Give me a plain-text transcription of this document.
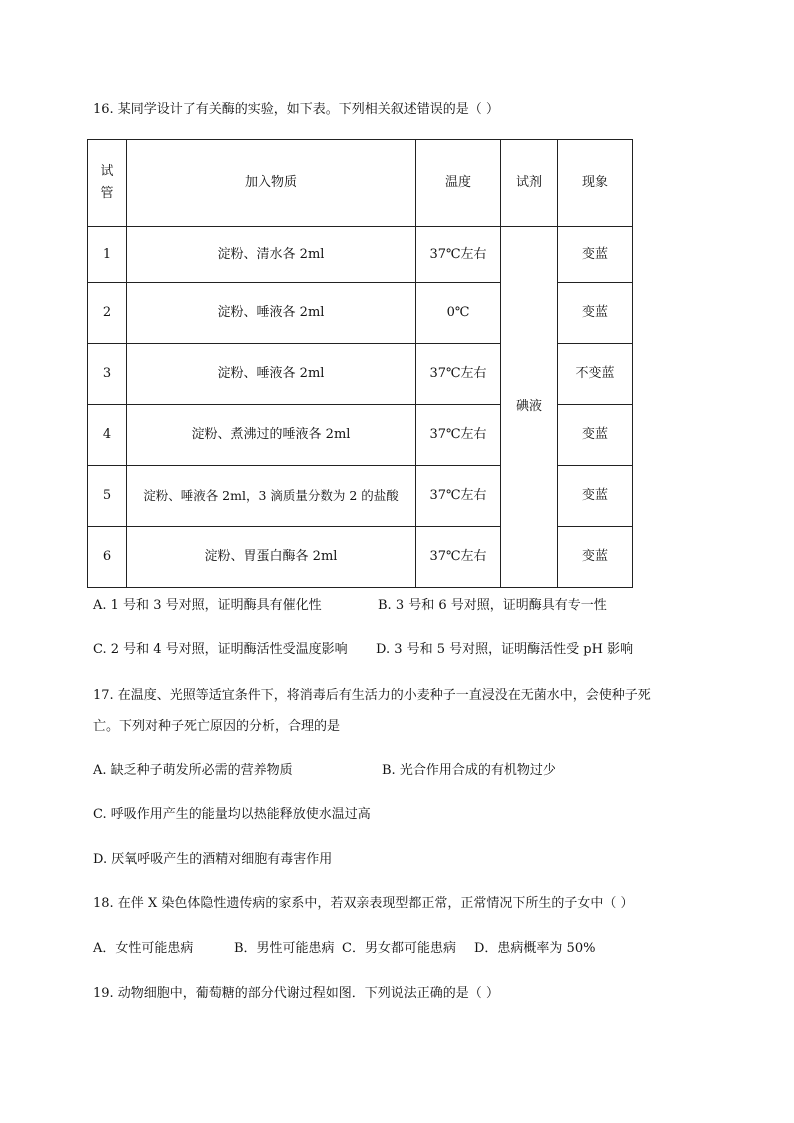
16. 某同学设计了有关酶的实验，如下表。下列相关叙述错误的是（ ）
试
管	加入物质	温度	试剂	现象
1	淀粉、清水各 2ml	37℃左右	碘液	变蓝
2	淀粉、唾液各 2ml	0℃		变蓝
3	淀粉、唾液各 2ml	37℃左右		不变蓝
4	淀粉、煮沸过的唾液各 2ml	37℃左右		变蓝
5	淀粉、唾液各 2ml，3 滴质量分数为 2 的盐酸	37℃左右		变蓝
6	淀粉、胃蛋白酶各 2ml	37℃左右		变蓝
A. 1 号和 3 号对照，证明酶具有催化性	B. 3 号和 6 号对照，证明酶具有专一性
C. 2 号和 4 号对照，证明酶活性受温度影响 D. 3 号和 5 号对照，证明酶活性受 pH 影响
17. 在温度、光照等适宜条件下，将消毒后有生活力的小麦种子一直浸没在无菌水中，会使种子死
亡。下列对种子死亡原因的分析，合理的是
A. 缺乏种子萌发所必需的营养物质	B. 光合作用合成的有机物过少
C. 呼吸作用产生的能量均以热能释放使水温过高
D. 厌氧呼吸产生的酒精对细胞有毒害作用
18. 在伴 X 染色体隐性遗传病的家系中，若双亲表现型都正常，正常情况下所生的子女中（ ）
A．女性可能患病	B．男性可能患病 C．男女都可能患病 D．患病概率为 50%
19. 动物细胞中，葡萄糖的部分代谢过程如图．下列说法正确的是（ ）
